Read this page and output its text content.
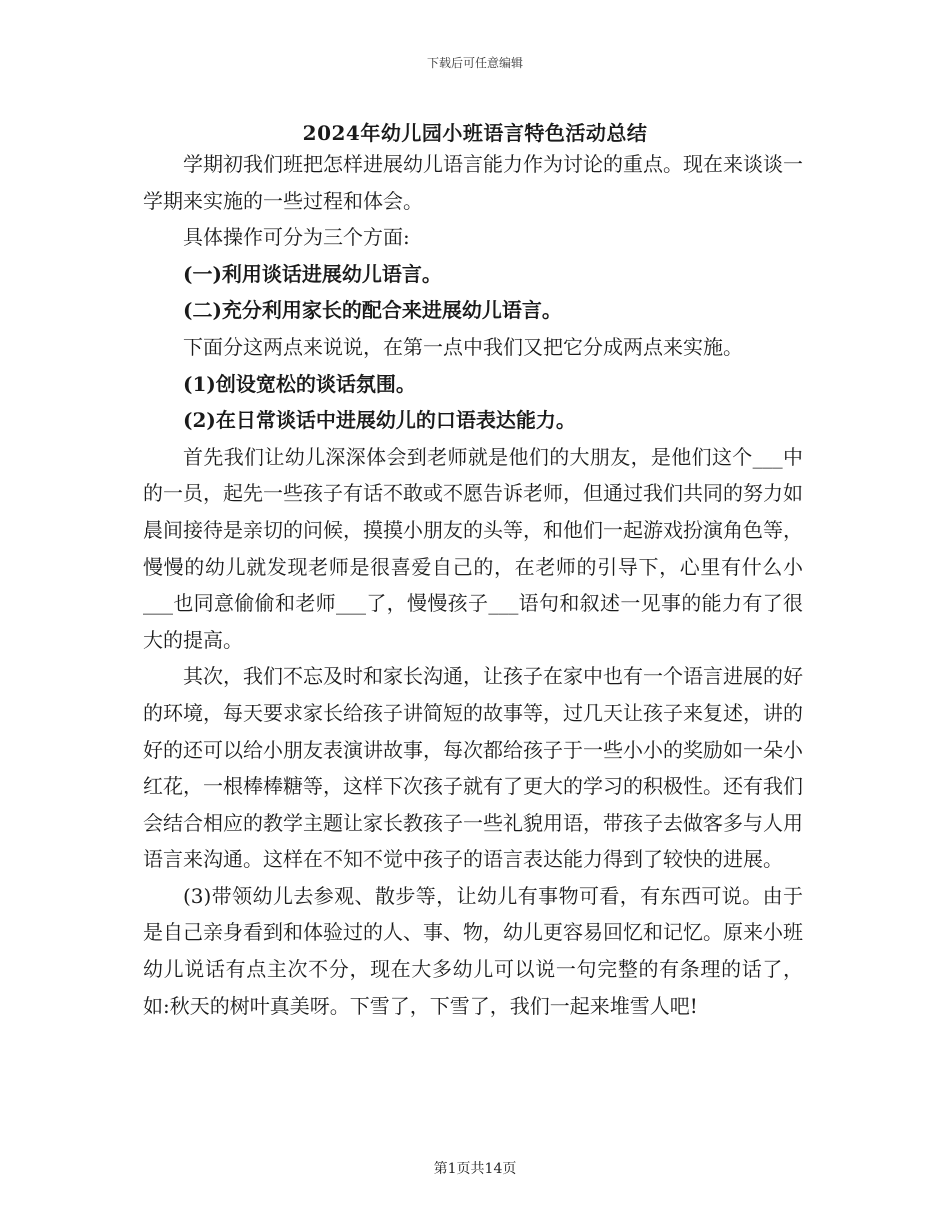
下载后可任意编辑
2024年幼儿园小班语言特色活动总结

学期初我们班把怎样进展幼儿语言能力作为讨论的重点。现在来谈谈一学期来实施的一些过程和体会。

具体操作可分为三个方面:

(一)利用谈话进展幼儿语言。

(二)充分利用家长的配合来进展幼儿语言。

下面分这两点来说说，在第一点中我们又把它分成两点来实施。

(1)创设宽松的谈话氛围。

(2)在日常谈话中进展幼儿的口语表达能力。

首先我们让幼儿深深体会到老师就是他们的大朋友，是他们这个___中的一员，起先一些孩子有话不敢或不愿告诉老师，但通过我们共同的努力如晨间接待是亲切的问候，摸摸小朋友的头等，和他们一起游戏扮演角色等，慢慢的幼儿就发现老师是很喜爱自己的，在老师的引导下，心里有什么小___也同意偷偷和老师___了，慢慢孩子___语句和叙述一见事的能力有了很大的提高。

其次，我们不忘及时和家长沟通，让孩子在家中也有一个语言进展的好的环境，每天要求家长给孩子讲简短的故事等，过几天让孩子来复述，讲的好的还可以给小朋友表演讲故事，每次都给孩子于一些小小的奖励如一朵小红花，一根棒棒糖等，这样下次孩子就有了更大的学习的积极性。还有我们会结合相应的教学主题让家长教孩子一些礼貌用语，带孩子去做客多与人用语言来沟通。这样在不知不觉中孩子的语言表达能力得到了较快的进展。

(3)带领幼儿去参观、散步等，让幼儿有事物可看，有东西可说。由于是自己亲身看到和体验过的人、事、物，幼儿更容易回忆和记忆。原来小班幼儿说话有点主次不分，现在大多幼儿可以说一句完整的有条理的话了，如:秋天的树叶真美呀。下雪了，下雪了，我们一起来堆雪人吧!

第1页共14页
